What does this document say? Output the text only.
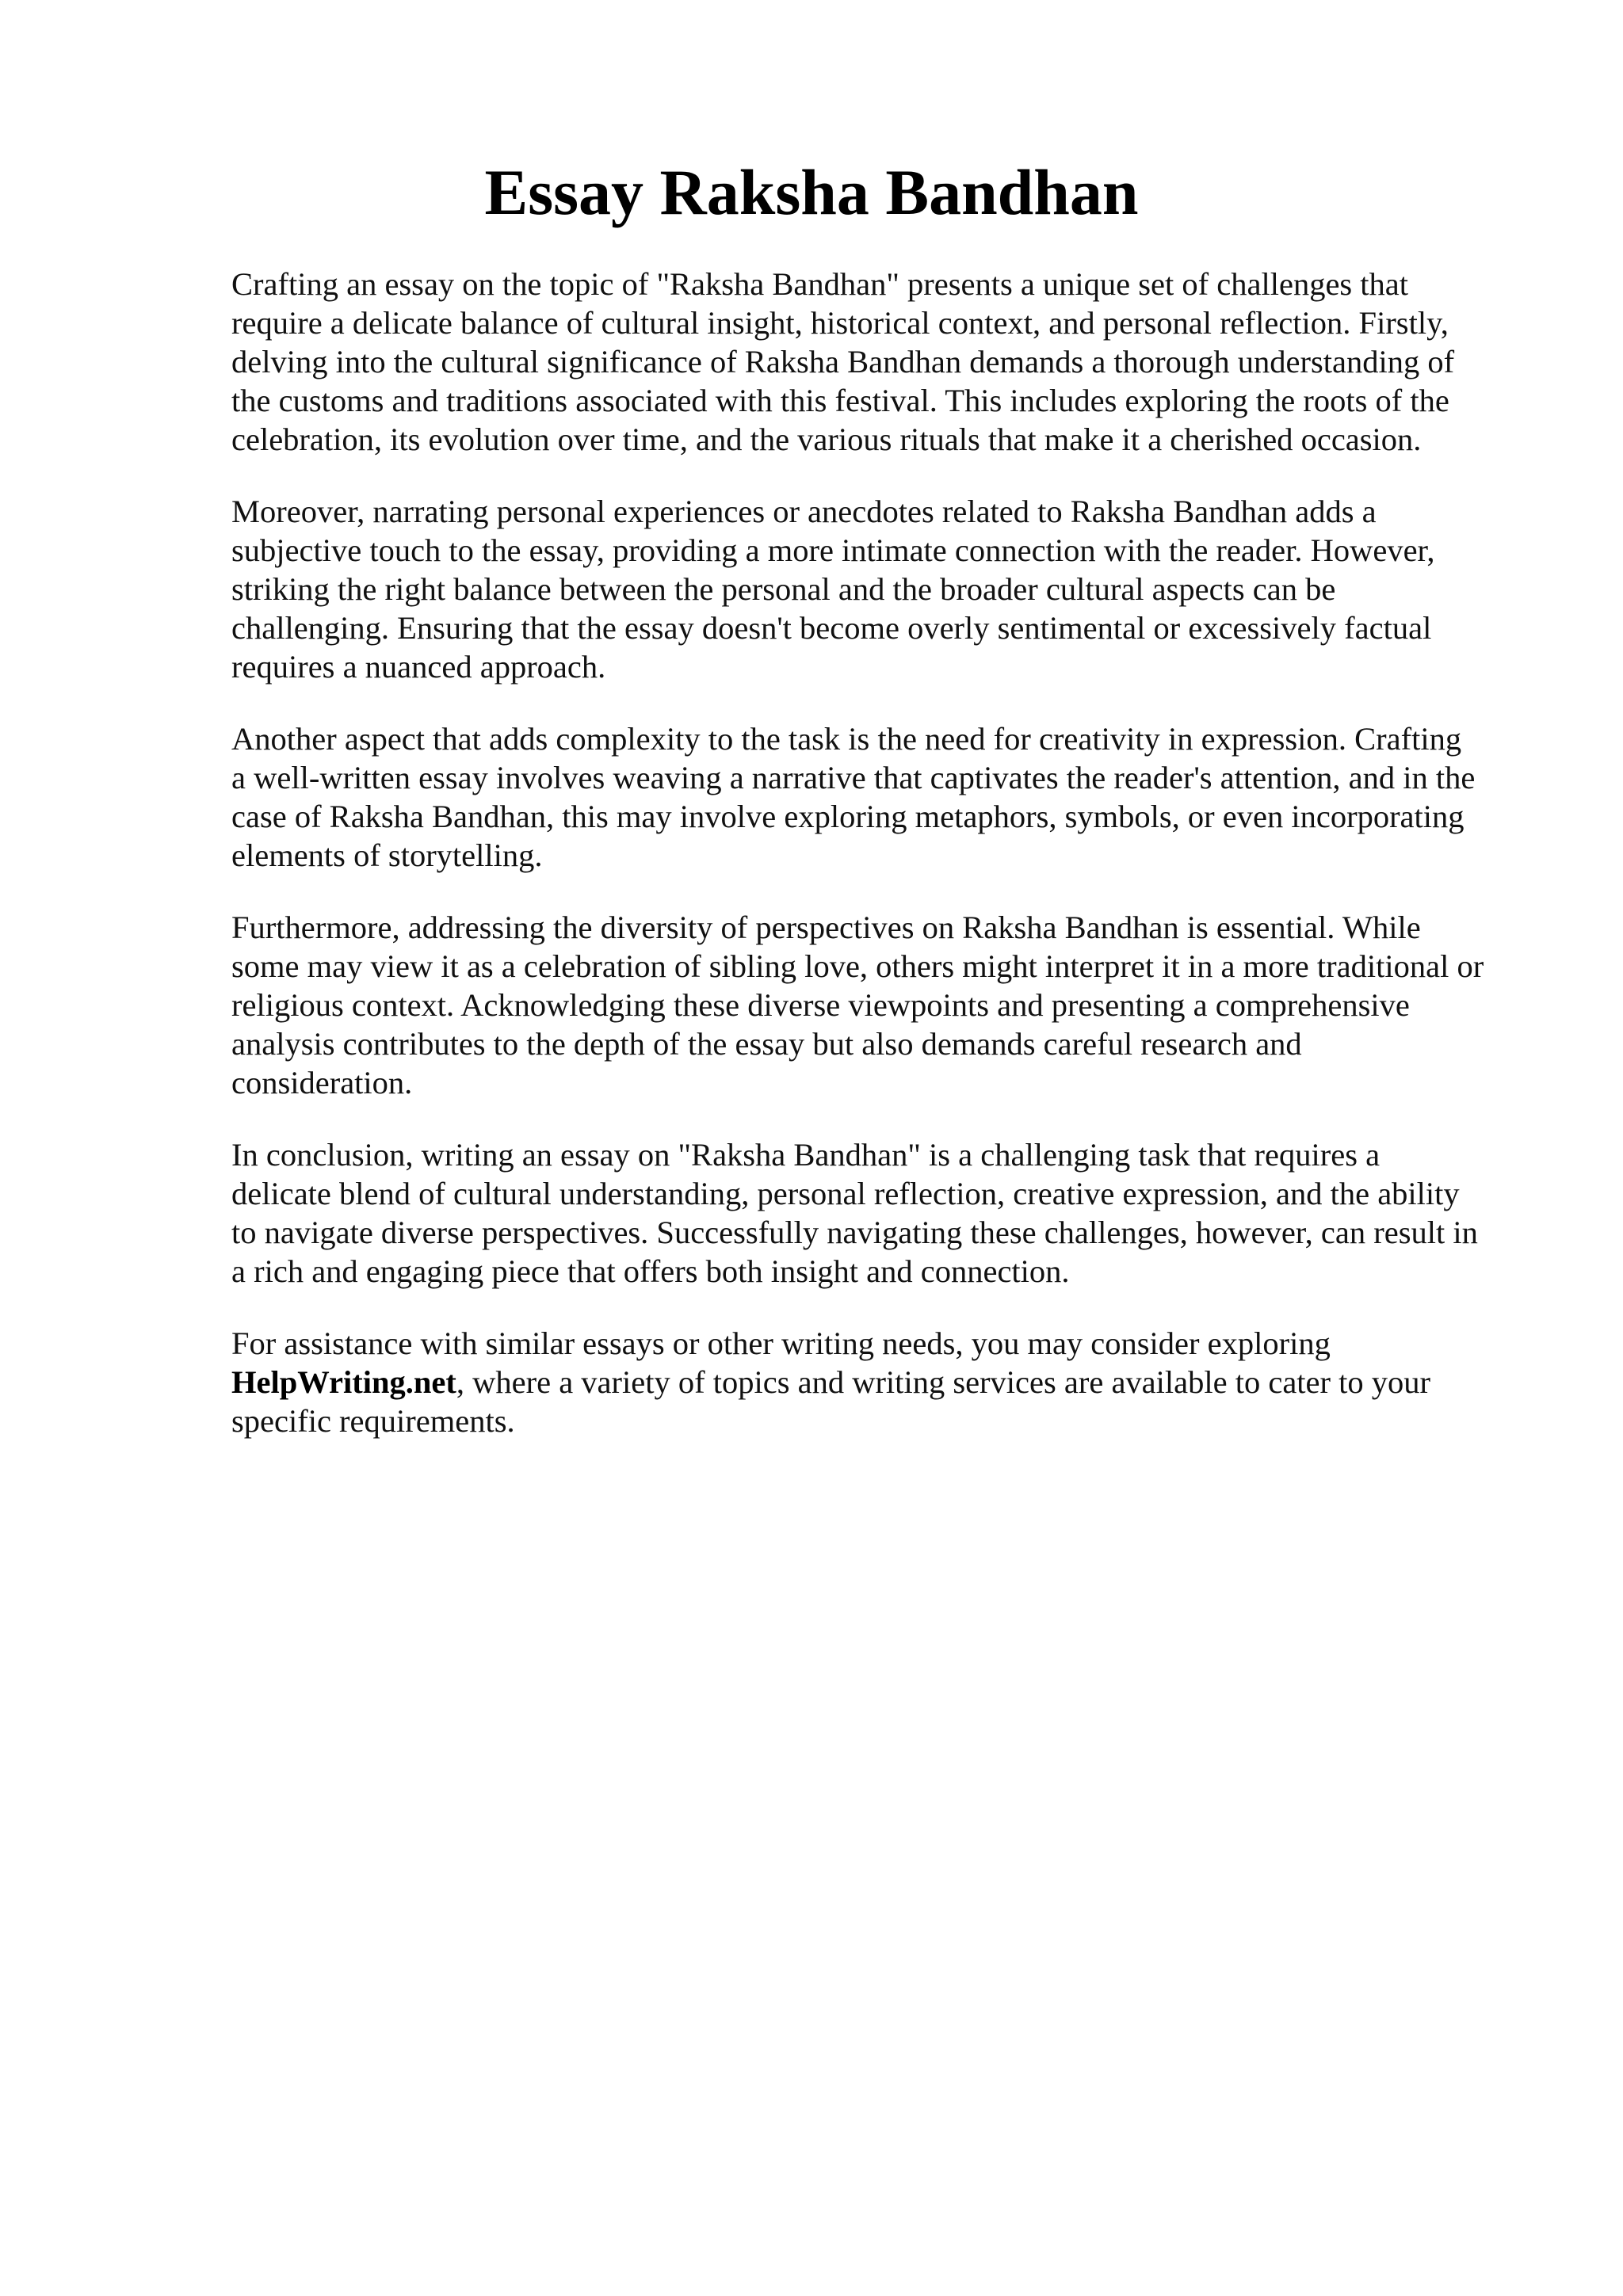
Essay Raksha Bandhan

Crafting an essay on the topic of "Raksha Bandhan" presents a unique set of challenges that
require a delicate balance of cultural insight, historical context, and personal reflection. Firstly,
delving into the cultural significance of Raksha Bandhan demands a thorough understanding of
the customs and traditions associated with this festival. This includes exploring the roots of the
celebration, its evolution over time, and the various rituals that make it a cherished occasion.

Moreover, narrating personal experiences or anecdotes related to Raksha Bandhan adds a
subjective touch to the essay, providing a more intimate connection with the reader. However,
striking the right balance between the personal and the broader cultural aspects can be
challenging. Ensuring that the essay doesn't become overly sentimental or excessively factual
requires a nuanced approach.

Another aspect that adds complexity to the task is the need for creativity in expression. Crafting
a well-written essay involves weaving a narrative that captivates the reader's attention, and in the
case of Raksha Bandhan, this may involve exploring metaphors, symbols, or even incorporating
elements of storytelling.

Furthermore, addressing the diversity of perspectives on Raksha Bandhan is essential. While
some may view it as a celebration of sibling love, others might interpret it in a more traditional or
religious context. Acknowledging these diverse viewpoints and presenting a comprehensive
analysis contributes to the depth of the essay but also demands careful research and
consideration.

In conclusion, writing an essay on "Raksha Bandhan" is a challenging task that requires a
delicate blend of cultural understanding, personal reflection, creative expression, and the ability
to navigate diverse perspectives. Successfully navigating these challenges, however, can result in
a rich and engaging piece that offers both insight and connection.

For assistance with similar essays or other writing needs, you may consider exploring
HelpWriting.net, where a variety of topics and writing services are available to cater to your
specific requirements.
